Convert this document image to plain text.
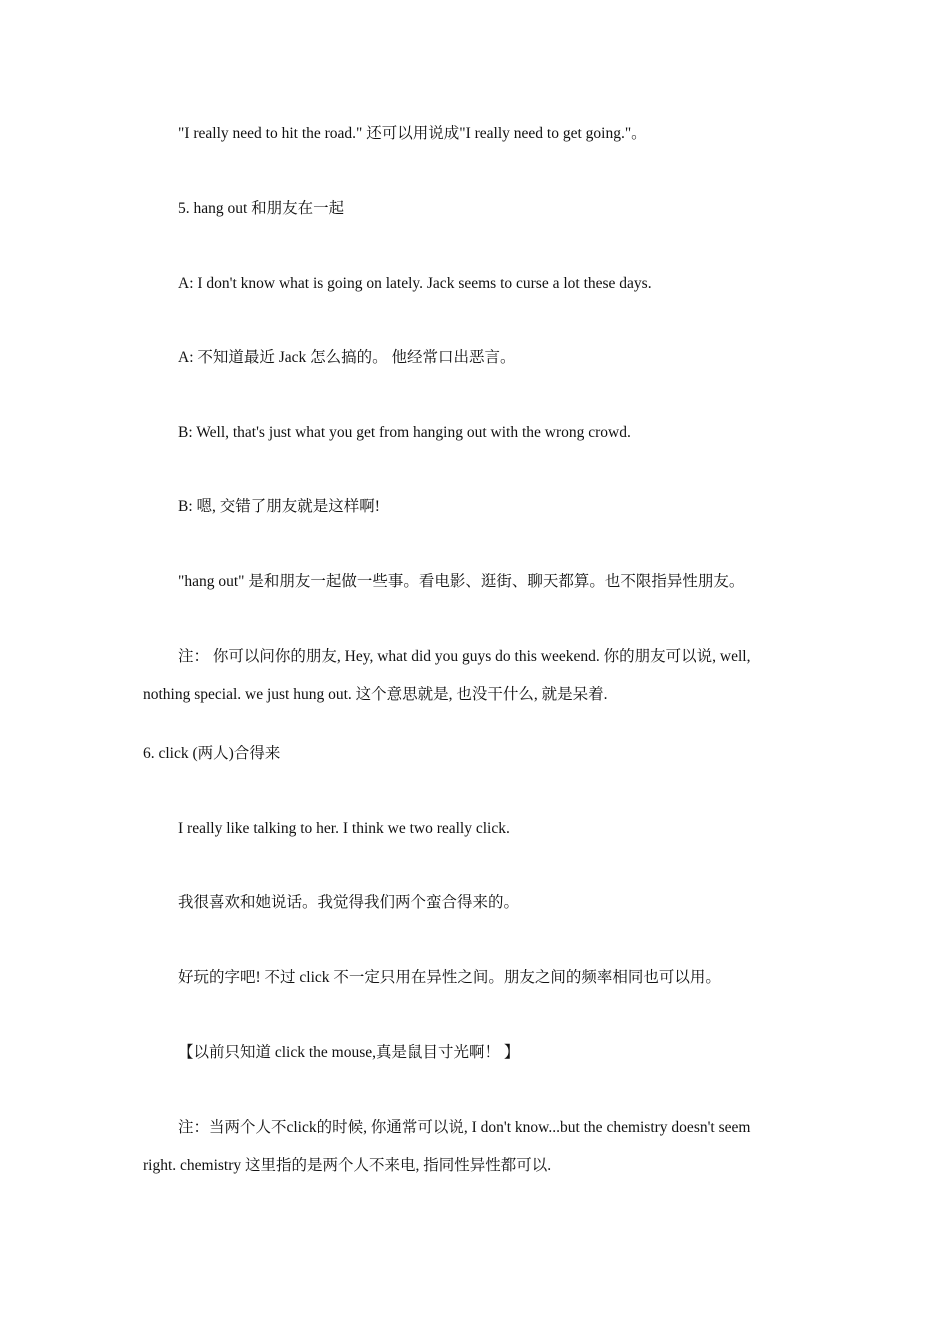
"I really need to hit the road." 还可以用说成"I really need to get going."。
5. hang out 和朋友在一起
A: I don't know what is going on lately. Jack seems to curse a lot these days.
A: 不知道最近 Jack 怎么搞的。 他经常口出恶言。
B: Well, that's just what you get from hanging out with the wrong crowd.
B: 嗯, 交错了朋友就是这样啊!
"hang out" 是和朋友一起做一些事。看电影、逛街、聊天都算。也不限指异性朋友。
注： 你可以问你的朋友, Hey, what did you guys do this weekend. 你的朋友可以说, well,
nothing special. we just hung out. 这个意思就是, 也没干什么, 就是呆着.
6. click (两人)合得来
I really like talking to her. I think we two really click.
我很喜欢和她说话。我觉得我们两个蛮合得来的。
好玩的字吧! 不过 click 不一定只用在异性之间。朋友之间的频率相同也可以用。
【以前只知道 click the mouse,真是鼠目寸光啊！ 】
注：当两个人不click的时候, 你通常可以说, I don't know...but the chemistry doesn't seem
right. chemistry 这里指的是两个人不来电, 指同性异性都可以.
